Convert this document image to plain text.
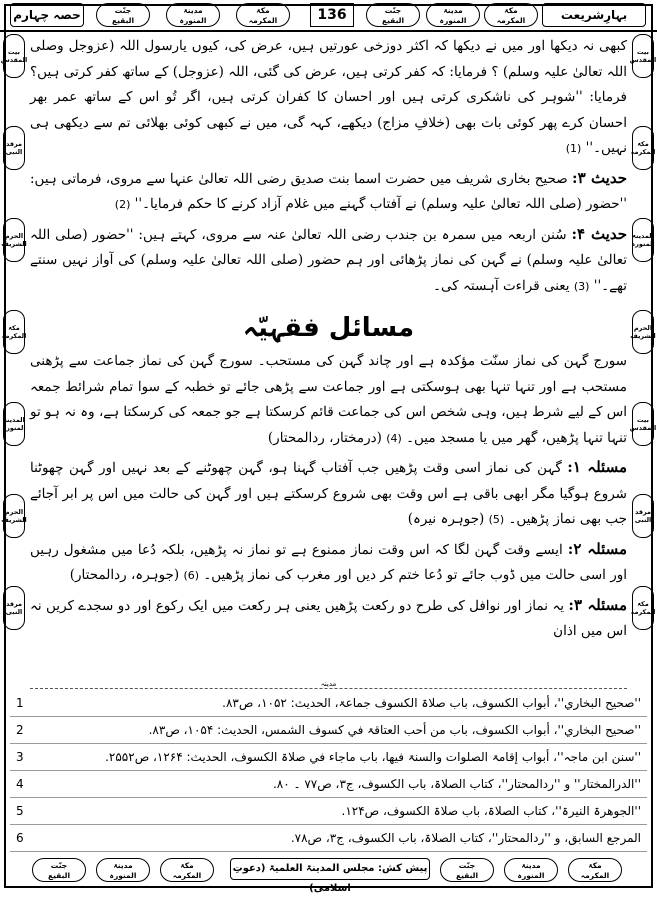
حصہ چہارم	136	بہارِشریعت
جنّت
البقیع
مدینۃ
المنورہ
مکۃ
المکرمہ
جنّت
البقیع
مدینۃ
المنورہ
مکۃ
المکرمہ
بیت
المقدس
مرقد
النبی
الحرم
الشریف
مکۃ
المکرمہ
المدینۃ
المنورہ
الحرم
الشریف
مرقد
النبی
بیت
المقدس
مکۃ
المکرمہ
المدینۃ
المنورہ
الحرم
الشریف
بیت
المقدس
مرقد
النبی
مکۃ
المکرمہ

کبھی نہ دیکھا اور میں نے دیکھا کہ اکثر دوزخی عورتیں ہیں، عرض کی، کیوں یارسول اللہ (عزوجل وصلی اللہ تعالیٰ علیہ وسلم) ؟ فرمایا: کہ کفر کرتی ہیں، عرض کی گئی، اللہ (عزوجل) کے ساتھ کفر کرتی ہیں؟ فرمایا: ''شوہر کی ناشکری کرتی ہیں اور احسان کا کفران کرتی ہیں، اگر تُو اس کے ساتھ عمر بھر احسان کرے پھر کوئی بات بھی (خلافِ مزاج) دیکھے، کہہ گی، میں نے کبھی کوئی بھلائی تم سے دیکھی ہی نہیں۔'' (1)

حدیث ۳: صحیح بخاری شریف میں حضرت اسما بنت صدیق رضی اللہ تعالیٰ عنہا سے مروی، فرماتی ہیں: ''حضور (صلی اللہ تعالیٰ علیہ وسلم) نے آفتاب گہنے میں غلام آزاد کرنے کا حکم فرمایا۔'' (2)

حدیث ۴: سُنن اربعہ میں سمرہ بن جندب رضی اللہ تعالیٰ عنہ سے مروی، کہتے ہیں: ''حضور (صلی اللہ تعالیٰ علیہ وسلم) نے گہن کی نماز پڑھائی اور ہم حضور (صلی اللہ تعالیٰ علیہ وسلم) کی آواز نہیں سنتے تھے۔'' (3) یعنی قراءت آہستہ کی۔

مسائل فقہیّہ

سورج گہن کی نماز سنّت مؤکدہ ہے اور چاند گہن کی مستحب۔ سورج گہن کی نماز جماعت سے پڑھنی مستحب ہے اور تنہا تنہا بھی ہوسکتی ہے اور جماعت سے پڑھی جائے تو خطبہ کے سوا تمام شرائط جمعہ اس کے لیے شرط ہیں، وہی شخص اس کی جماعت قائم کرسکتا ہے جو جمعہ کی کرسکتا ہے، وہ نہ ہو تو تنہا تنہا پڑھیں، گھر میں یا مسجد میں۔ (4) (درمختار، ردالمحتار)

مسئلہ ۱: گہن کی نماز اسی وقت پڑھیں جب آفتاب گہنا ہو، گہن چھوٹنے کے بعد نہیں اور گہن چھوٹنا شروع ہوگیا مگر ابھی باقی ہے اس وقت بھی شروع کرسکتے ہیں اور گہن کی حالت میں اس پر ابر آجائے جب بھی نماز پڑھیں۔ (5) (جوہرہ نیرہ)

مسئلہ ۲: ایسے وقت گہن لگا کہ اس وقت نماز ممنوع ہے تو نماز نہ پڑھیں، بلکہ دُعا میں مشغول رہیں اور اسی حالت میں ڈوب جائے تو دُعا ختم کر دیں اور مغرب کی نماز پڑھیں۔ (6) (جوہرہ، ردالمحتار)

مسئلہ ۳: یہ نماز اور نوافل کی طرح دو رکعت پڑھیں یعنی ہر رکعت میں ایک رکوع اور دو سجدے کریں نہ اس میں اذان

مدینہ
1	''صحیح البخاري''، أبواب الکسوف، باب صلاۃ الکسوف جماعۃ، الحدیث: ۱۰۵۲، ص۸۳.
2	''صحیح البخاري''، أبواب الکسوف، باب من أحب العتاقۃ في کسوف الشمس، الحدیث: ۱۰۵۴، ص۸۳.
3	''سنن ابن ماجہ''، أبواب إقامۃ الصلوات والسنۃ فیھا، باب ماجاء في صلاۃ الکسوف، الحدیث: ۱۲۶۴، ص۲۵۵۲.
4	''الدرالمختار'' و ''ردالمحتار''، کتاب الصلاۃ، باب الکسوف، ج۳، ص۷۷ ۔ ۸۰.
5	''الجوھرۃ النیرۃ''، کتاب الصلاۃ، باب صلاۃ الکسوف، ص۱۲۴.
6	المرجع السابق، و ''ردالمحتار''، کتاب الصلاۃ، باب الکسوف، ج۳، ص۷۸.
جنّت
البقیع
مدینۃ
المنورہ
مکۃ
المکرمہ
پیش کش: مجلس المدینۃ العلمیۃ (دعوتِ اسلامی)
جنّت
البقیع
مدینۃ
المنورہ
مکۃ
المکرمہ
